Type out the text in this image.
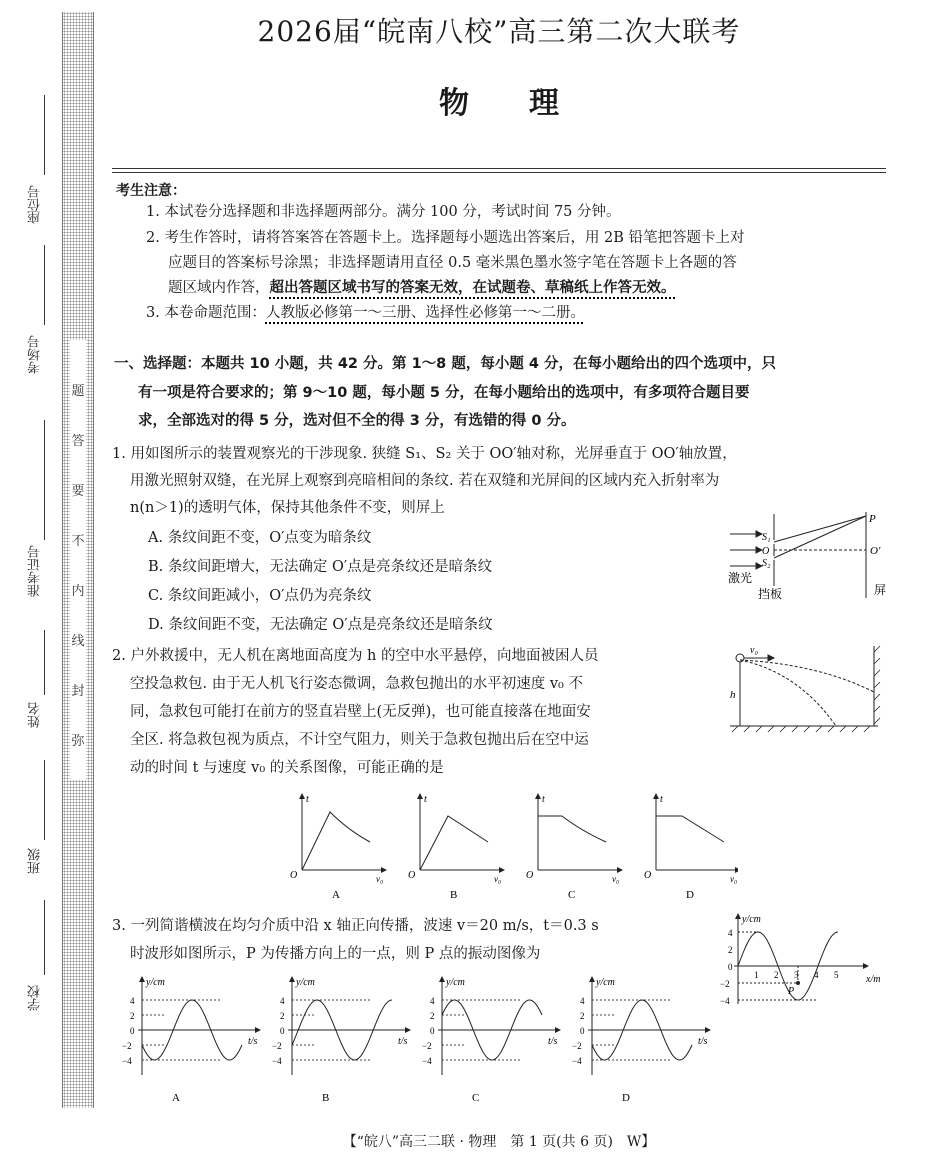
题
答
要
不
内
线
封
弥
座位号
考场号
准考证号
姓名
班级
学校
2026届“皖南八校”高三第二次大联考
物理
考生注意：
1. 本试卷分选择题和非选择题两部分。满分 100 分，考试时间 75 分钟。
2. 考生作答时，请将答案答在答题卡上。选择题每小题选出答案后，用 2B 铅笔把答题卡上对
应题目的答案标号涂黑；非选择题请用直径 0.5 毫米黑色墨水签字笔在答题卡上各题的答
题区域内作答，超出答题区域书写的答案无效，在试题卷、草稿纸上作答无效。
3. 本卷命题范围：人教版必修第一～三册、选择性必修第一～二册。
一、选择题：本题共 10 小题，共 42 分。第 1～8 题，每小题 4 分，在每小题给出的四个选项中，只
有一项是符合要求的；第 9～10 题，每小题 5 分，在每小题给出的选项中，有多项符合题目要
求，全部选对的得 5 分，选对但不全的得 3 分，有选错的得 0 分。
1. 用如图所示的装置观察光的干涉现象. 狭缝 S₁、S₂ 关于 OO′轴对称，光屏垂直于 OO′轴放置，
用激光照射双缝，在光屏上观察到亮暗相间的条纹. 若在双缝和光屏间的区域内充入折射率为
n(n＞1)的透明气体，保持其他条件不变，则屏上
A. 条纹间距不变，O′点变为暗条纹
B. 条纹间距增大，无法确定 O′点是亮条纹还是暗条纹
C. 条纹间距减小，O′点仍为亮条纹
D. 条纹间距不变，无法确定 O′点是亮条纹还是暗条纹
P
S₁
O
S₂
O′
激光
挡板	屏
2. 户外救援中，无人机在离地面高度为 h 的空中水平悬停，向地面被困人员
空投急救包. 由于无人机飞行姿态微调，急救包抛出的水平初速度 v₀ 不
同，急救包可能打在前方的竖直岩壁上(无反弹)，也可能直接落在地面安
全区. 将急救包视为质点，不计空气阻力，则关于急救包抛出后在空中运
动的时间 t 与速度 v₀ 的关系图像，可能正确的是
v₀
h
t
O	v₀
A
t
O	v₀
B
t
O	v₀
C
t
O	v₀
D
3. 一列简谐横波在均匀介质中沿 x 轴正向传播，波速 v＝20 m/s，t＝0.3 s
时波形如图所示，P 为传播方向上的一点，则 P 点的振动图像为
y/cm
x/m
4
2
0
−2
−4
1 2 3 4 5
P
y/cm
t/s
4
2
0
−2
−4
A
y/cm
t/s
4
2
0
−2
−4
B
y/cm
t/s
4
2
0
−2
−4
C
y/cm
t/s
4
2
0
−2
−4
D
【“皖八”高三二联 · 物理　第 1 页(共 6 页)　W】
